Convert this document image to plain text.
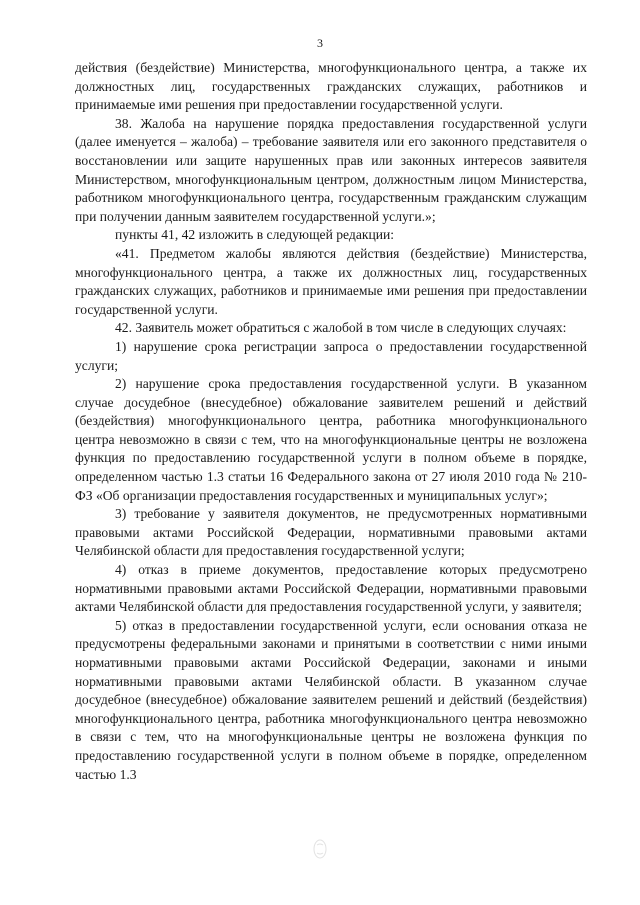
3

действия (бездействие) Министерства, многофункционального центра, а также их должностных лиц, государственных гражданских служащих, работников и принимаемые ими решения при предоставлении государственной услуги.

38. Жалоба на нарушение порядка предоставления государственной услуги (далее именуется – жалоба) – требование заявителя или его законного представителя о восстановлении или защите нарушенных прав или законных интересов заявителя Министерством, многофункциональным центром, должностным лицом Министерства, работником многофункционального центра, государственным гражданским служащим при получении данным заявителем государственной услуги.»;

пункты 41, 42 изложить в следующей редакции:

«41. Предметом жалобы являются действия (бездействие) Министерства, многофункционального центра, а также их должностных лиц, государственных гражданских служащих, работников и принимаемые ими решения при предоставлении государственной услуги.

42. Заявитель может обратиться с жалобой в том числе в следующих случаях:

1) нарушение срока регистрации запроса о предоставлении государственной услуги;

2) нарушение срока предоставления государственной услуги. В указанном случае досудебное (внесудебное) обжалование заявителем решений и действий (бездействия) многофункционального центра, работника многофункционального центра невозможно в связи с тем, что на многофункциональные центры не возложена функция по предоставлению государственной услуги в полном объеме в порядке, определенном частью 1.3 статьи 16 Федерального закона от 27 июля 2010 года № 210-ФЗ «Об организации предоставления государственных и муниципальных услуг»;

3) требование у заявителя документов, не предусмотренных нормативными правовыми актами Российской Федерации, нормативными правовыми актами Челябинской области для предоставления государственной услуги;

4) отказ в приеме документов, предоставление которых предусмотрено нормативными правовыми актами Российской Федерации, нормативными правовыми актами Челябинской области для предоставления государственной услуги, у заявителя;

5) отказ в предоставлении государственной услуги, если основания отказа не предусмотрены федеральными законами и принятыми в соответствии с ними иными нормативными правовыми актами Российской Федерации, законами и иными нормативными правовыми актами Челябинской области. В указанном случае досудебное (внесудебное) обжалование заявителем решений и действий (бездействия) многофункционального центра, работника многофункционального центра невозможно в связи с тем, что на многофункциональные центры не возложена функция по предоставлению государственной услуги в полном объеме в порядке, определенном частью 1.3
